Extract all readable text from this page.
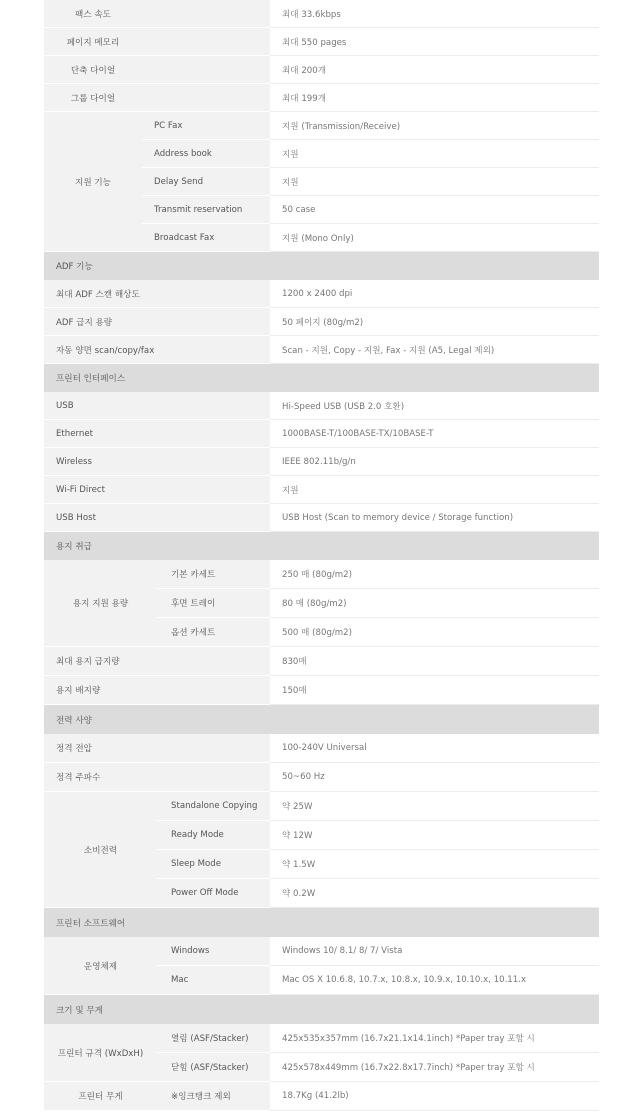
팩스 속도	최대 33.6kbps
페이지 메모리	최대 550 pages
단축 다이얼	최대 200개
그룹 다이얼	최대 199개
지원 기능
PC Fax	지원 (Transmission/Receive)
Address book	지원
Delay Send	지원
Transmit reservation	50 case
Broadcast Fax	지원 (Mono Only)
ADF 기능
최대 ADF 스캔 해상도	1200 x 2400 dpi
ADF 급지 용량	50 페이지 (80g/m2)
자동 양면 scan/copy/fax	Scan - 지원, Copy - 지원, Fax - 지원 (A5, Legal 제외)
프린터 인터페이스
USB	Hi-Speed USB (USB 2.0 호환)
Ethernet	1000BASE-T/100BASE-TX/10BASE-T
Wireless	IEEE 802.11b/g/n
Wi-Fi Direct	지원
USB Host	USB Host (Scan to memory device / Storage function)
용지 취급
용지 지원 용량
기본 카세트	250 매 (80g/m2)
후면 트레이	80 매 (80g/m2)
옵션 카세트	500 매 (80g/m2)
최대 용지 급지량	830매
용지 배지량	150매
전력 사양
정격 전압	100-240V Universal
정격 주파수	50~60 Hz
소비전력
Standalone Copying	약 25W
Ready Mode	약 12W
Sleep Mode	약 1.5W
Power Off Mode	약 0.2W
프린터 소프트웨어
운영체제
Windows	Windows 10/ 8.1/ 8/ 7/ Vista
Mac	Mac OS X 10.6.8, 10.7.x, 10.8.x, 10.9.x, 10.10.x, 10.11.x
크기 및 무게
프린터 규격 (WxDxH)
열림 (ASF/Stacker)	425x535x357mm (16.7x21.1x14.1inch) *Paper tray 포함 시
닫힘 (ASF/Stacker)	425x578x449mm (16.7x22.8x17.7inch) *Paper tray 포함 시
프린터 무게	※잉크탱크 제외	18.7Kg (41.2lb)
